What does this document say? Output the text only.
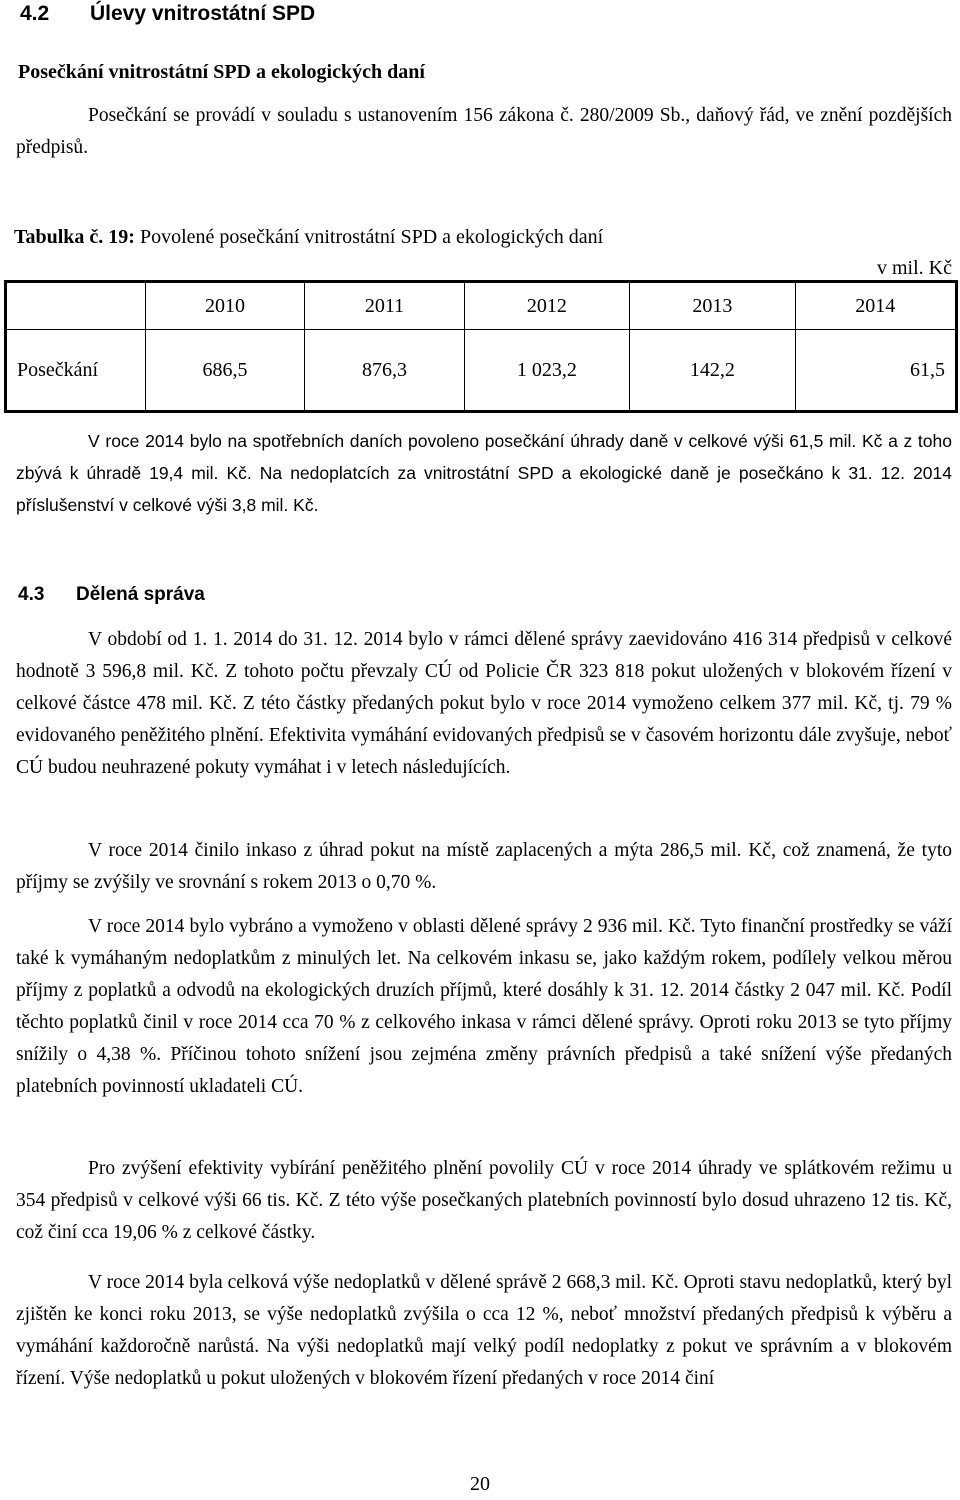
4.2 Úlevy vnitrostátní SPD
Posečkání vnitrostátní SPD a ekologických daní
Posečkání se provádí v souladu s ustanovením 156 zákona č. 280/2009 Sb., daňový řád, ve znění pozdějších předpisů.
Tabulka č. 19: Povolené posečkání vnitrostátní SPD a ekologických daní
v mil. Kč
	2010	2011	2012	2013	2014
Posečkání	686,5	876,3	1 023,2	142,2	61,5
V roce 2014 bylo na spotřebních daních povoleno posečkání úhrady daně v celkové výši 61,5 mil. Kč a z toho zbývá k úhradě 19,4 mil. Kč. Na nedoplatcích za vnitrostátní SPD a ekologické daně je posečkáno k 31. 12. 2014 příslušenství v celkové výši 3,8 mil. Kč.
4.3 Dělená správa
V období od 1. 1. 2014 do 31. 12. 2014 bylo v rámci dělené správy zaevidováno 416 314 předpisů v celkové hodnotě 3 596,8 mil. Kč. Z tohoto počtu převzaly CÚ od Policie ČR 323 818 pokut uložených v blokovém řízení v celkové částce 478 mil. Kč. Z této částky předaných pokut bylo v roce 2014 vymoženo celkem 377 mil. Kč, tj. 79 % evidovaného peněžitého plnění. Efektivita vymáhání evidovaných předpisů se v časovém horizontu dále zvyšuje, neboť CÚ budou neuhrazené pokuty vymáhat i v letech následujících.
V roce 2014 činilo inkaso z úhrad pokut na místě zaplacených a mýta 286,5 mil. Kč, což znamená, že tyto příjmy se zvýšily ve srovnání s rokem 2013 o 0,70 %.
V roce 2014 bylo vybráno a vymoženo v oblasti dělené správy 2 936 mil. Kč. Tyto finanční prostředky se váží také k vymáhaným nedoplatkům z minulých let. Na celkovém inkasu se, jako každým rokem, podílely velkou měrou příjmy z poplatků a odvodů na ekologických druzích příjmů, které dosáhly k 31. 12. 2014 částky 2 047 mil. Kč. Podíl těchto poplatků činil v roce 2014 cca 70 % z celkového inkasa v rámci dělené správy. Oproti roku 2013 se tyto příjmy snížily o 4,38 %. Příčinou tohoto snížení jsou zejména změny právních předpisů a také snížení výše předaných platebních povinností ukladateli CÚ.
Pro zvýšení efektivity vybírání peněžitého plnění povolily CÚ v roce 2014 úhrady ve splátkovém režimu u 354 předpisů v celkové výši 66 tis. Kč. Z této výše posečkaných platebních povinností bylo dosud uhrazeno 12 tis. Kč, což činí cca 19,06 % z celkové částky.
V roce 2014 byla celková výše nedoplatků v dělené správě 2 668,3 mil. Kč. Oproti stavu nedoplatků, který byl zjištěn ke konci roku 2013, se výše nedoplatků zvýšila o cca 12 %, neboť množství předaných předpisů k výběru a vymáhání každoročně narůstá. Na výši nedoplatků mají velký podíl nedoplatky z pokut ve správním a v blokovém řízení. Výše nedoplatků u pokut uložených v blokovém řízení předaných v roce 2014 činí
20
